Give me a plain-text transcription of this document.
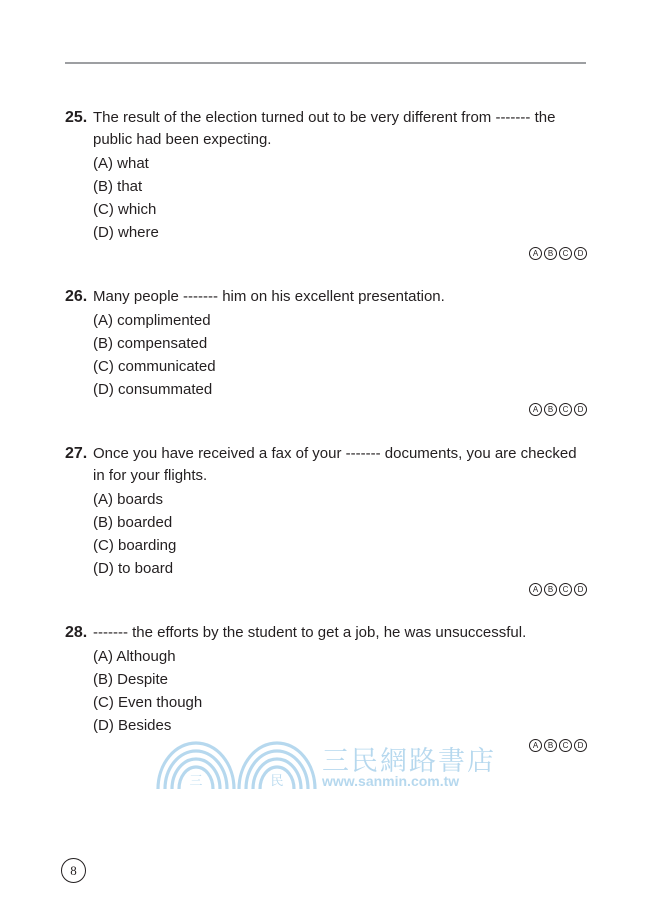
25. The result of the election turned out to be very different from ------- the public had been expecting.
(A) what
(B) that
(C) which
(D) where
A	B	C	D
26. Many people ------- him on his excellent presentation.
(A) complimented
(B) compensated
(C) communicated
(D) consummated
A	B	C	D
27. Once you have received a fax of your ------- documents, you are checked in for your flights.
(A) boards
(B) boarded
(C) boarding
(D) to board
A	B	C	D
三	民
三民網路書店
www.sanmin.com.tw
28. ------- the efforts by the student to get a job, he was unsuccessful.
(A) Although
(B) Despite
(C) Even though
(D) Besides
A	B	C	D
8
